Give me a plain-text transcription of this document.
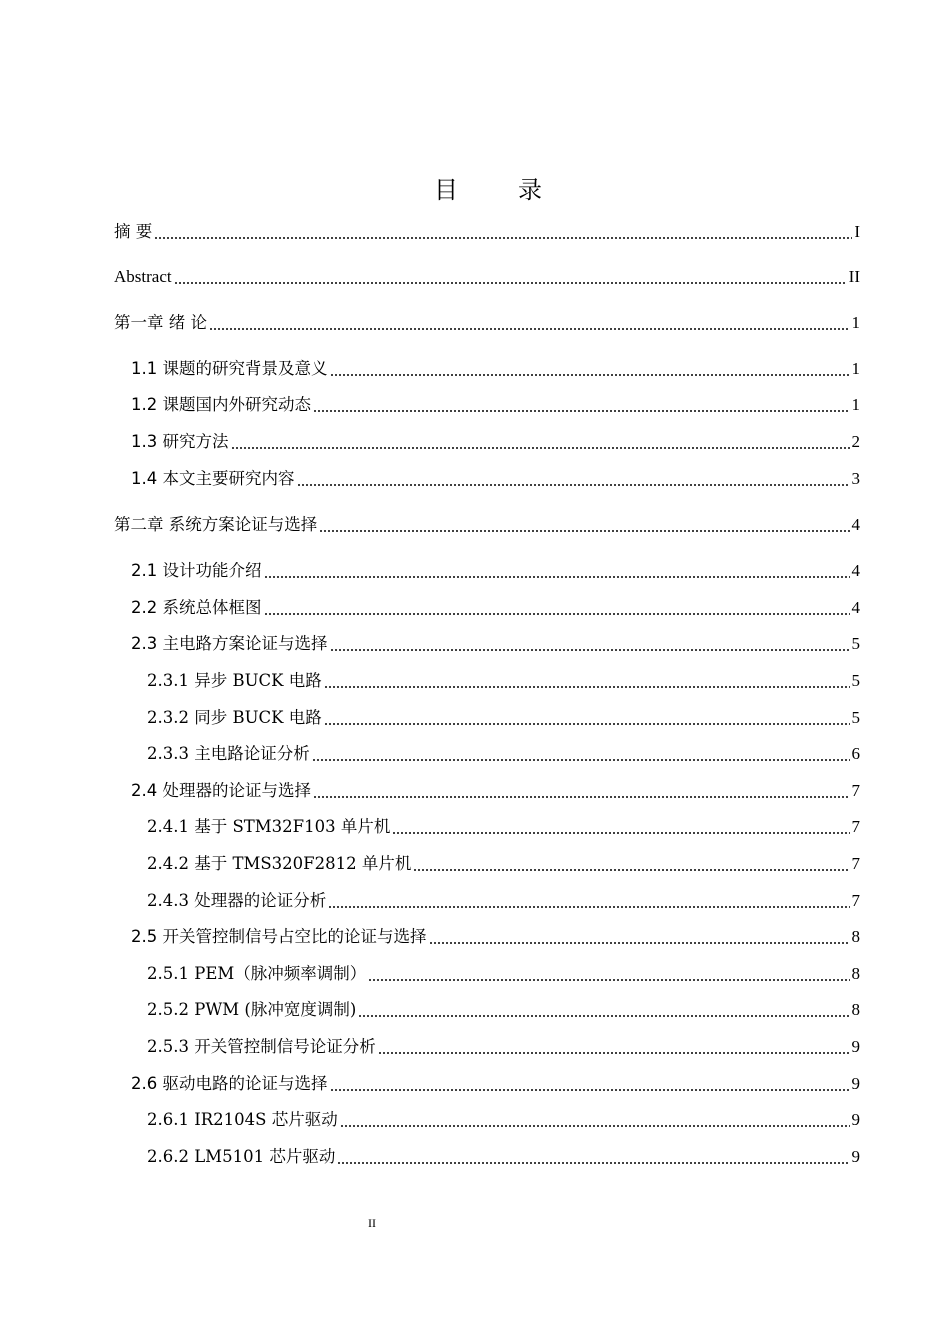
目	录
摘 要	I
Abstract	II
第一章 绪 论	1
1.1 课题的研究背景及意义	1
1.2 课题国内外研究动态	1
1.3 研究方法	2
1.4 本文主要研究内容	3
第二章 系统方案论证与选择	4
2.1 设计功能介绍	4
2.2 系统总体框图	4
2.3 主电路方案论证与选择	5
2.3.1 异步 BUCK 电路	5
2.3.2 同步 BUCK 电路	5
2.3.3 主电路论证分析	6
2.4 处理器的论证与选择	7
2.4.1 基于 STM32F103 单片机	7
2.4.2 基于 TMS320F2812 单片机	7
2.4.3 处理器的论证分析	7
2.5 开关管控制信号占空比的论证与选择	8
2.5.1 PEM（脉冲频率调制）	8
2.5.2 PWM (脉冲宽度调制)	8
2.5.3 开关管控制信号论证分析	9
2.6 驱动电路的论证与选择	9
2.6.1 IR2104S 芯片驱动	9
2.6.2 LM5101 芯片驱动	9
II
